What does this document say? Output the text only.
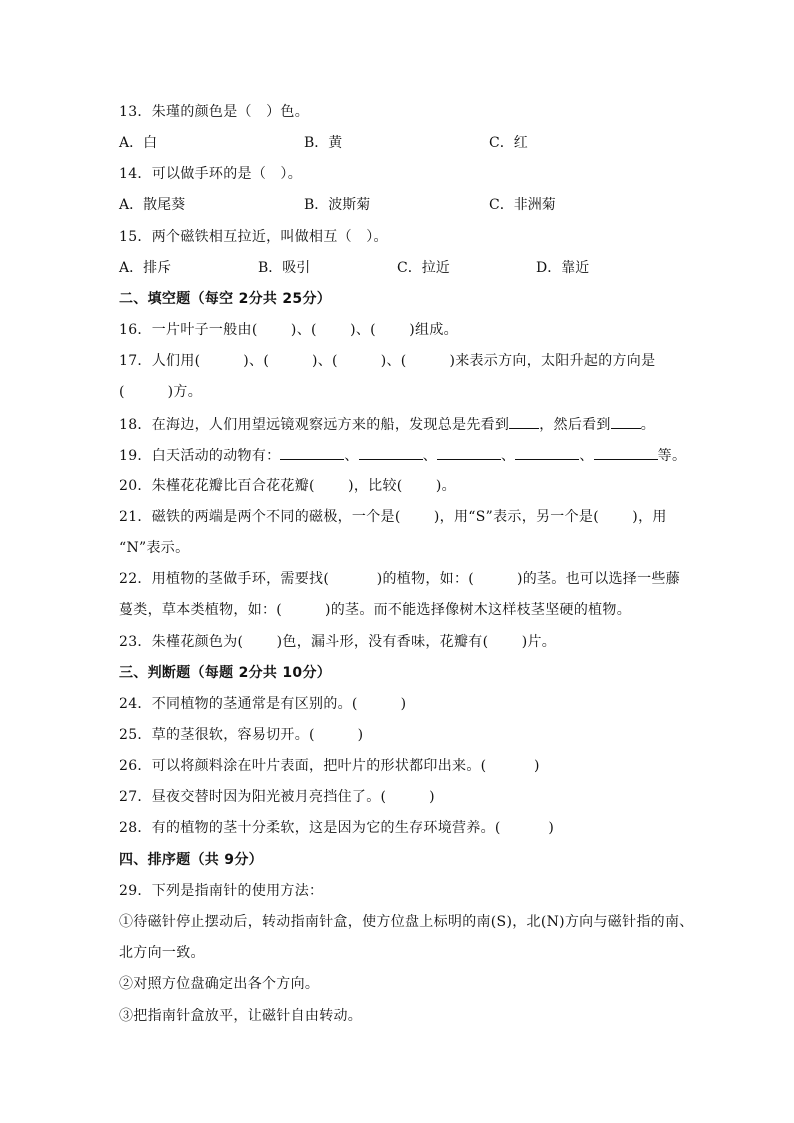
13．朱瑾的颜色是（　）色。
A．白	B．黄	C．红
14．可以做手环的是（　）。
A．散尾葵	B．波斯菊	C．非洲菊
15．两个磁铁相互拉近，叫做相互（　）。
A．排斥	B．吸引	C．拉近	D．靠近
二、填空题（每空 2分共 25分）
16．一片叶子一般由(　　 )、(　　 )、(　　 )组成。
17．人们用(　　　)、(　　　)、(　　　)、(　　　)来表示方向，太阳升起的方向是
(　　　)方。
18．在海边，人们用望远镜观察远方来的船，发现总是先看到 ，然后看到 。
19．白天活动的动物有：	、	、	、	、	等。
20．朱槿花花瓣比百合花花瓣(　　 )，比较(　　 )。
21．磁铁的两端是两个不同的磁极，一个是(　　 )，用“S”表示，另一个是(　　 )，用
“N”表示。
22．用植物的茎做手环，需要找(　　　 )的植物，如：(　　　)的茎。也可以选择一些藤
蔓类，草本类植物，如：(　　　)的茎。而不能选择像树木这样枝茎坚硬的植物。
23．朱槿花颜色为(　　 )色，漏斗形，没有香味，花瓣有(　　 )片。
三、判断题（每题 2分共 10分）
24．不同植物的茎通常是有区别的。(　　　)
25．草的茎很软，容易切开。(　　　)
26．可以将颜料涂在叶片表面，把叶片的形状都印出来。(　　　 )
27．昼夜交替时因为阳光被月亮挡住了。(　　　)
28．有的植物的茎十分柔软，这是因为它的生存环境营养。(　　　 )
四、排序题（共 9分）
29．下列是指南针的使用方法：
①待磁针停止摆动后，转动指南针盒，使方位盘上标明的南(S)，北(N)方向与磁针指的南、
北方向一致。
②对照方位盘确定出各个方向。
③把指南针盒放平，让磁针自由转动。
